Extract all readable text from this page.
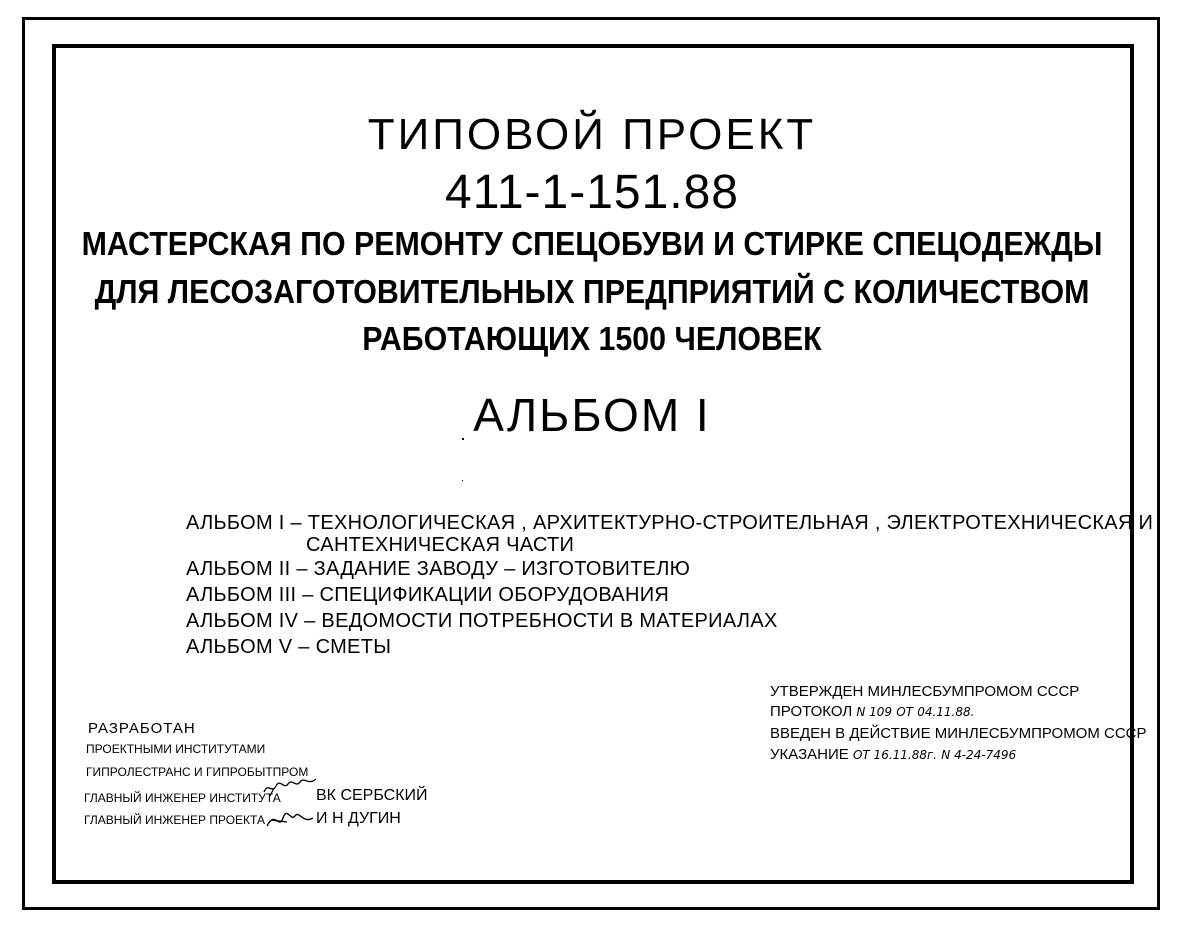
ТИПОВОЙ ПРОЕКТ
411-1-151.88
МАСТЕРСКАЯ ПО РЕМОНТУ СПЕЦОБУВИ И СТИРКЕ СПЕЦОДЕЖДЫ
ДЛЯ ЛЕСОЗАГОТОВИТЕЛЬНЫХ ПРЕДПРИЯТИЙ С КОЛИЧЕСТВОМ
РАБОТАЮЩИХ 1500 ЧЕЛОВЕК
АЛЬБОМ I
АЛЬБОМ I – ТЕХНОЛОГИЧЕСКАЯ , АРХИТЕКТУРНО-СТРОИТЕЛЬНАЯ , ЭЛЕКТРОТЕХНИЧЕСКАЯ И
САНТЕХНИЧЕСКАЯ ЧАСТИ
АЛЬБОМ II – ЗАДАНИЕ ЗАВОДУ – ИЗГОТОВИТЕЛЮ
АЛЬБОМ III – СПЕЦИФИКАЦИИ ОБОРУДОВАНИЯ
АЛЬБОМ IV – ВЕДОМОСТИ ПОТРЕБНОСТИ В МАТЕРИАЛАХ
АЛЬБОМ V – СМЕТЫ
РАЗРАБОТАН
ПРОЕКТНЫМИ ИНСТИТУТАМИ
ГИПРОЛЕСТРАНС И ГИПРОБЫТПРОМ
ГЛАВНЫЙ ИНЖЕНЕР ИНСТИТУТА ВК СЕРБСКИЙ
ГЛАВНЫЙ ИНЖЕНЕР ПРОЕКТА	И Н ДУГИН
УТВЕРЖДЕН МИНЛЕСБУМПРОМОМ СССР
ПРОТОКОЛ N 109 ОТ 04.11.88.
ВВЕДЕН В ДЕЙСТВИЕ МИНЛЕСБУМПРОМОМ СССР
УКАЗАНИЕ ОТ 16.11.88г. N 4-24-7496
